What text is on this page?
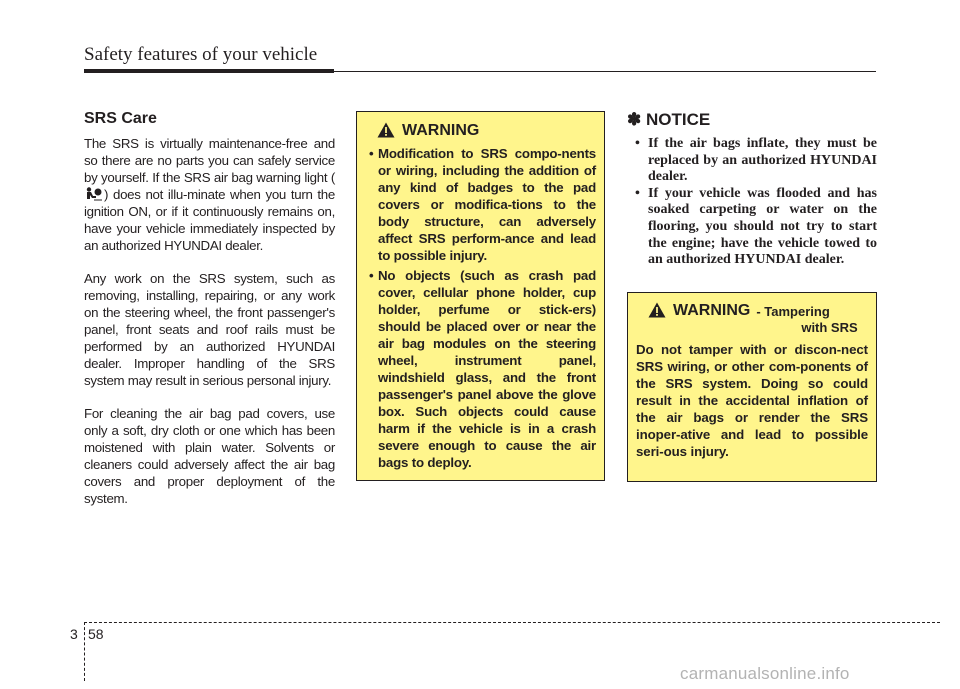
Safety features of your vehicle
SRS Care

The SRS is virtually maintenance-free and so there are no parts you can safely service by yourself. If the SRS air bag warning light () does not illu-minate when you turn the ignition ON, or if it continuously remains on, have your vehicle immediately inspected by an authorized HYUNDAI dealer.

Any work on the SRS system, such as removing, installing, repairing, or any work on the steering wheel, the front passenger's panel, front seats and roof rails must be performed by an authorized HYUNDAI dealer. Improper handling of the SRS system may result in serious personal injury.

For cleaning the air bag pad covers, use only a soft, dry cloth or one which has been moistened with plain water. Solvents or cleaners could adversely affect the air bag covers and proper deployment of the system.

WARNING
• Modification to SRS compo-nents or wiring, including the addition of any kind of badges to the pad covers or modifica-tions to the body structure, can adversely affect SRS perform-ance and lead to possible injury.
• No objects (such as crash pad cover, cellular phone holder, cup holder, perfume or stick-ers) should be placed over or near the air bag modules on the steering wheel, instrument panel, windshield glass, and the front passenger's panel above the glove box. Such objects could cause harm if the vehicle is in a crash severe enough to cause the air bags to deploy.
✽ NOTICE
• If the air bags inflate, they must be replaced by an authorized HYUNDAI dealer.
• If your vehicle was flooded and has soaked carpeting or water on the flooring, you should not try to start the engine; have the vehicle towed to an authorized HYUNDAI dealer.
WARNING - Tampering
with SRS

Do not tamper with or discon-nect SRS wiring, or other com-ponents of the SRS system. Doing so could result in the accidental inflation of the air bags or render the SRS inoper-ative and lead to possible seri-ous injury.

3 58
carmanualsonline.info
